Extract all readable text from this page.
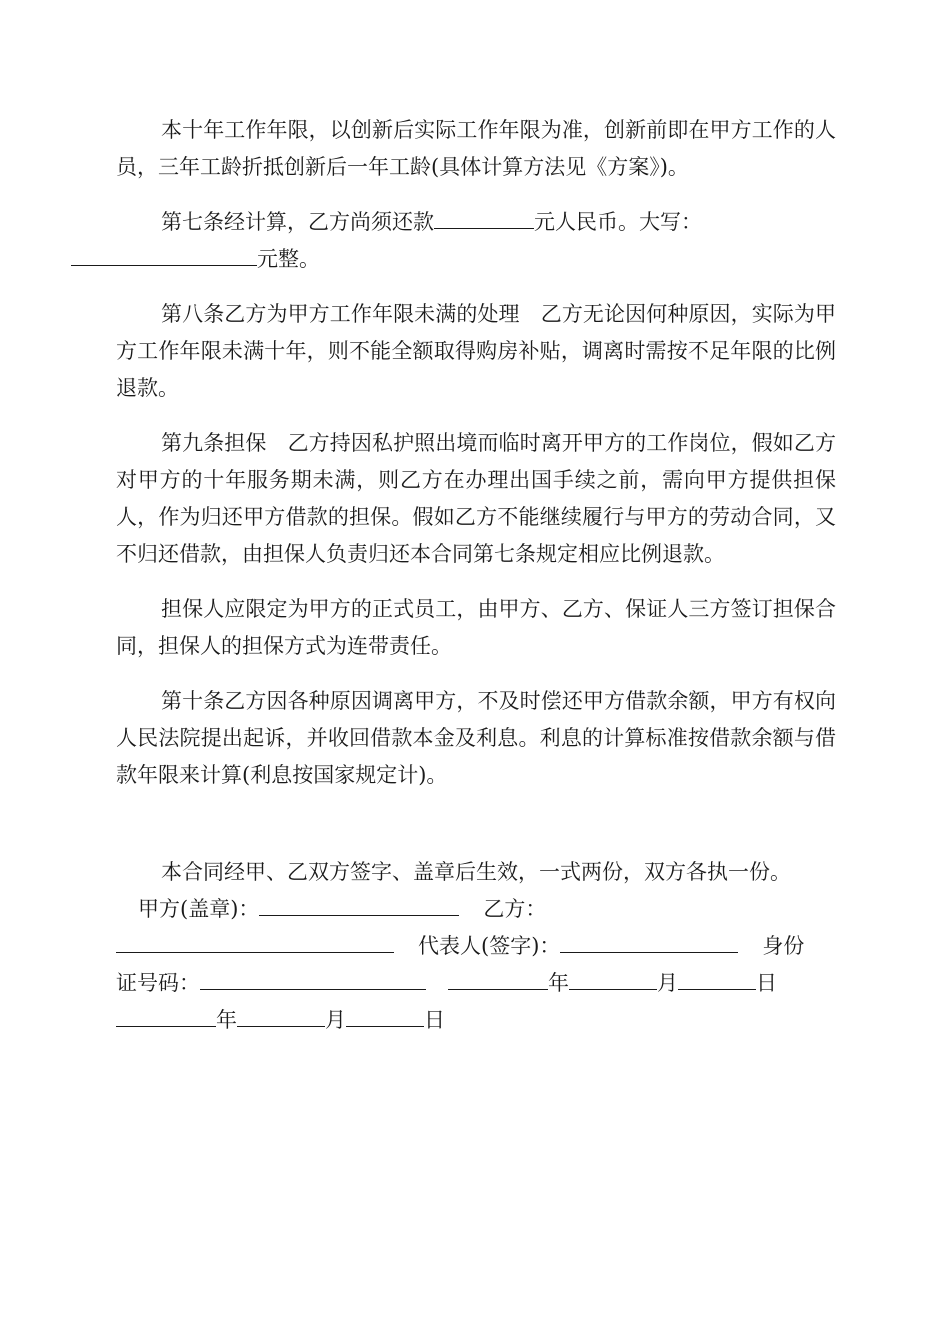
本十年工作年限，以创新后实际工作年限为准，创新前即在甲方工作的人员，三年工龄折抵创新后一年工龄(具体计算方法见《方案》)。

第七条经计算，乙方尚须还款	元人民币。大写：
元整。

第八条乙方为甲方工作年限未满的处理　乙方无论因何种原因，实际为甲方工作年限未满十年，则不能全额取得购房补贴，调离时需按不足年限的比例退款。

第九条担保　乙方持因私护照出境而临时离开甲方的工作岗位，假如乙方对甲方的十年服务期未满，则乙方在办理出国手续之前，需向甲方提供担保人，作为归还甲方借款的担保。假如乙方不能继续履行与甲方的劳动合同，又不归还借款，由担保人负责归还本合同第七条规定相应比例退款。

担保人应限定为甲方的正式员工，由甲方、乙方、保证人三方签订担保合同，担保人的担保方式为连带责任。

第十条乙方因各种原因调离甲方，不及时偿还甲方借款余额，甲方有权向人民法院提出起诉，并收回借款本金及利息。利息的计算标准按借款余额与借款年限来计算(利息按国家规定计)。

本合同经甲、乙双方签字、盖章后生效，一式两份，双方各执一份。

甲方(盖章)：	乙方：

代表人(签字)：	身份

证号码：	年	月	日

年	月	日
